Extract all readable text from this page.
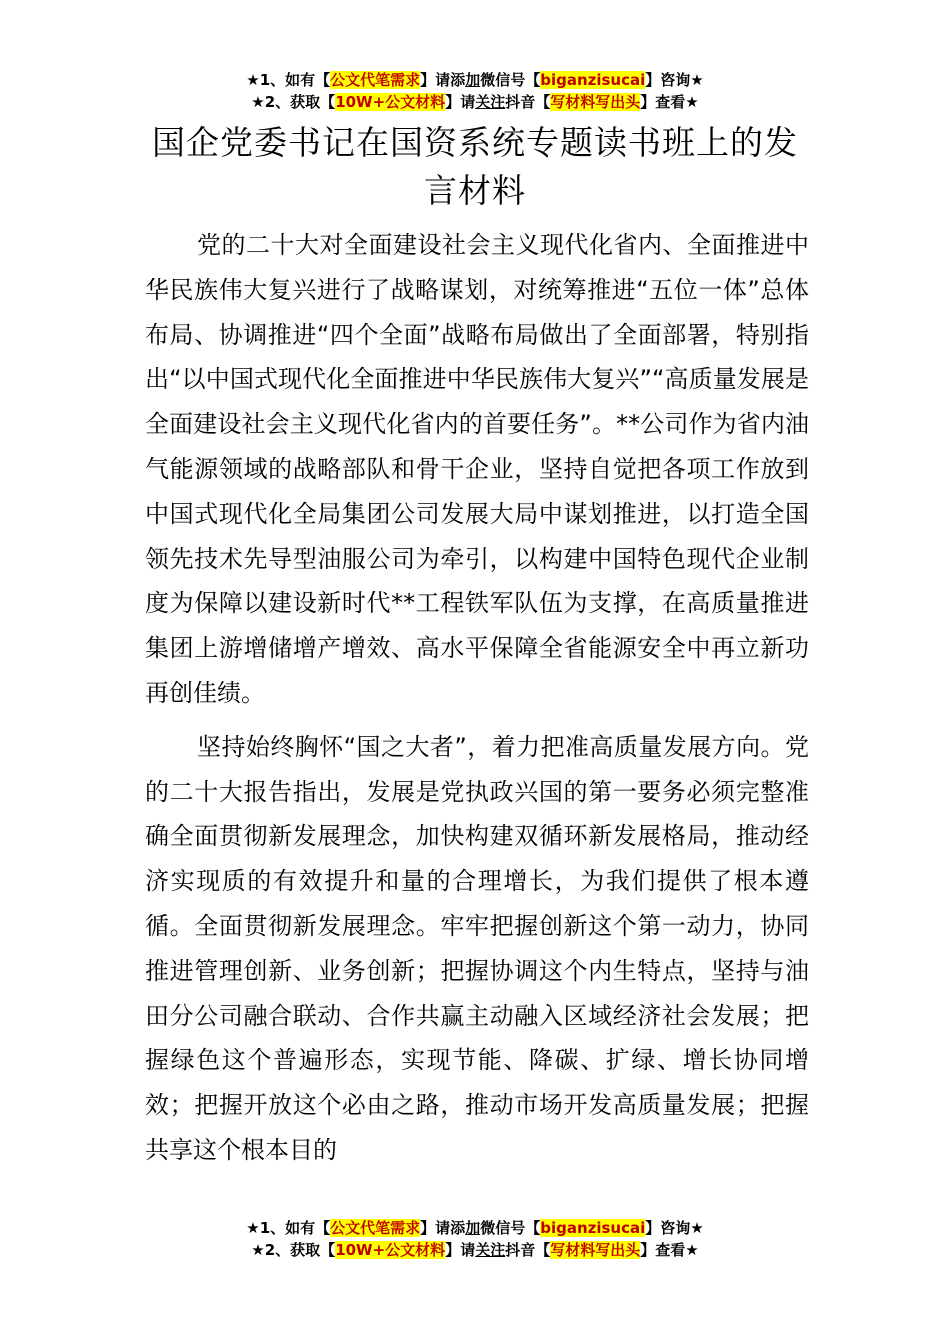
★1、如有【公文代笔需求】请添加微信号【biganzisucai】咨询★
★2、获取【10W+公文材料】请关注抖音【写材料写出头】查看★
国企党委书记在国资系统专题读书班上的发言材料

党的二十大对全面建设社会主义现代化省内、全面推进中华民族伟大复兴进行了战略谋划，对统筹推进“五位一体”总体布局、协调推进“四个全面”战略布局做出了全面部署，特别指出“以中国式现代化全面推进中华民族伟大复兴”“高质量发展是全面建设社会主义现代化省内的首要任务”。**公司作为省内油气能源领域的战略部队和骨干企业，坚持自觉把各项工作放到中国式现代化全局集团公司发展大局中谋划推进，以打造全国领先技术先导型油服公司为牵引，以构建中国特色现代企业制度为保障以建设新时代**工程铁军队伍为支撑，在高质量推进集团上游增储增产增效、高水平保障全省能源安全中再立新功再创佳绩。

坚持始终胸怀“国之大者”，着力把准高质量发展方向。党的二十大报告指出，发展是党执政兴国的第一要务必须完整准确全面贯彻新发展理念，加快构建双循环新发展格局，推动经济实现质的有效提升和量的合理增长，为我们提供了根本遵循。全面贯彻新发展理念。牢牢把握创新这个第一动力，协同推进管理创新、业务创新；把握协调这个内生特点，坚持与油田分公司融合联动、合作共赢主动融入区域经济社会发展；把握绿色这个普遍形态，实现节能、降碳、扩绿、增长协同增效；把握开放这个必由之路，推动市场开发高质量发展；把握共享这个根本目的

★1、如有【公文代笔需求】请添加微信号【biganzisucai】咨询★
★2、获取【10W+公文材料】请关注抖音【写材料写出头】查看★
